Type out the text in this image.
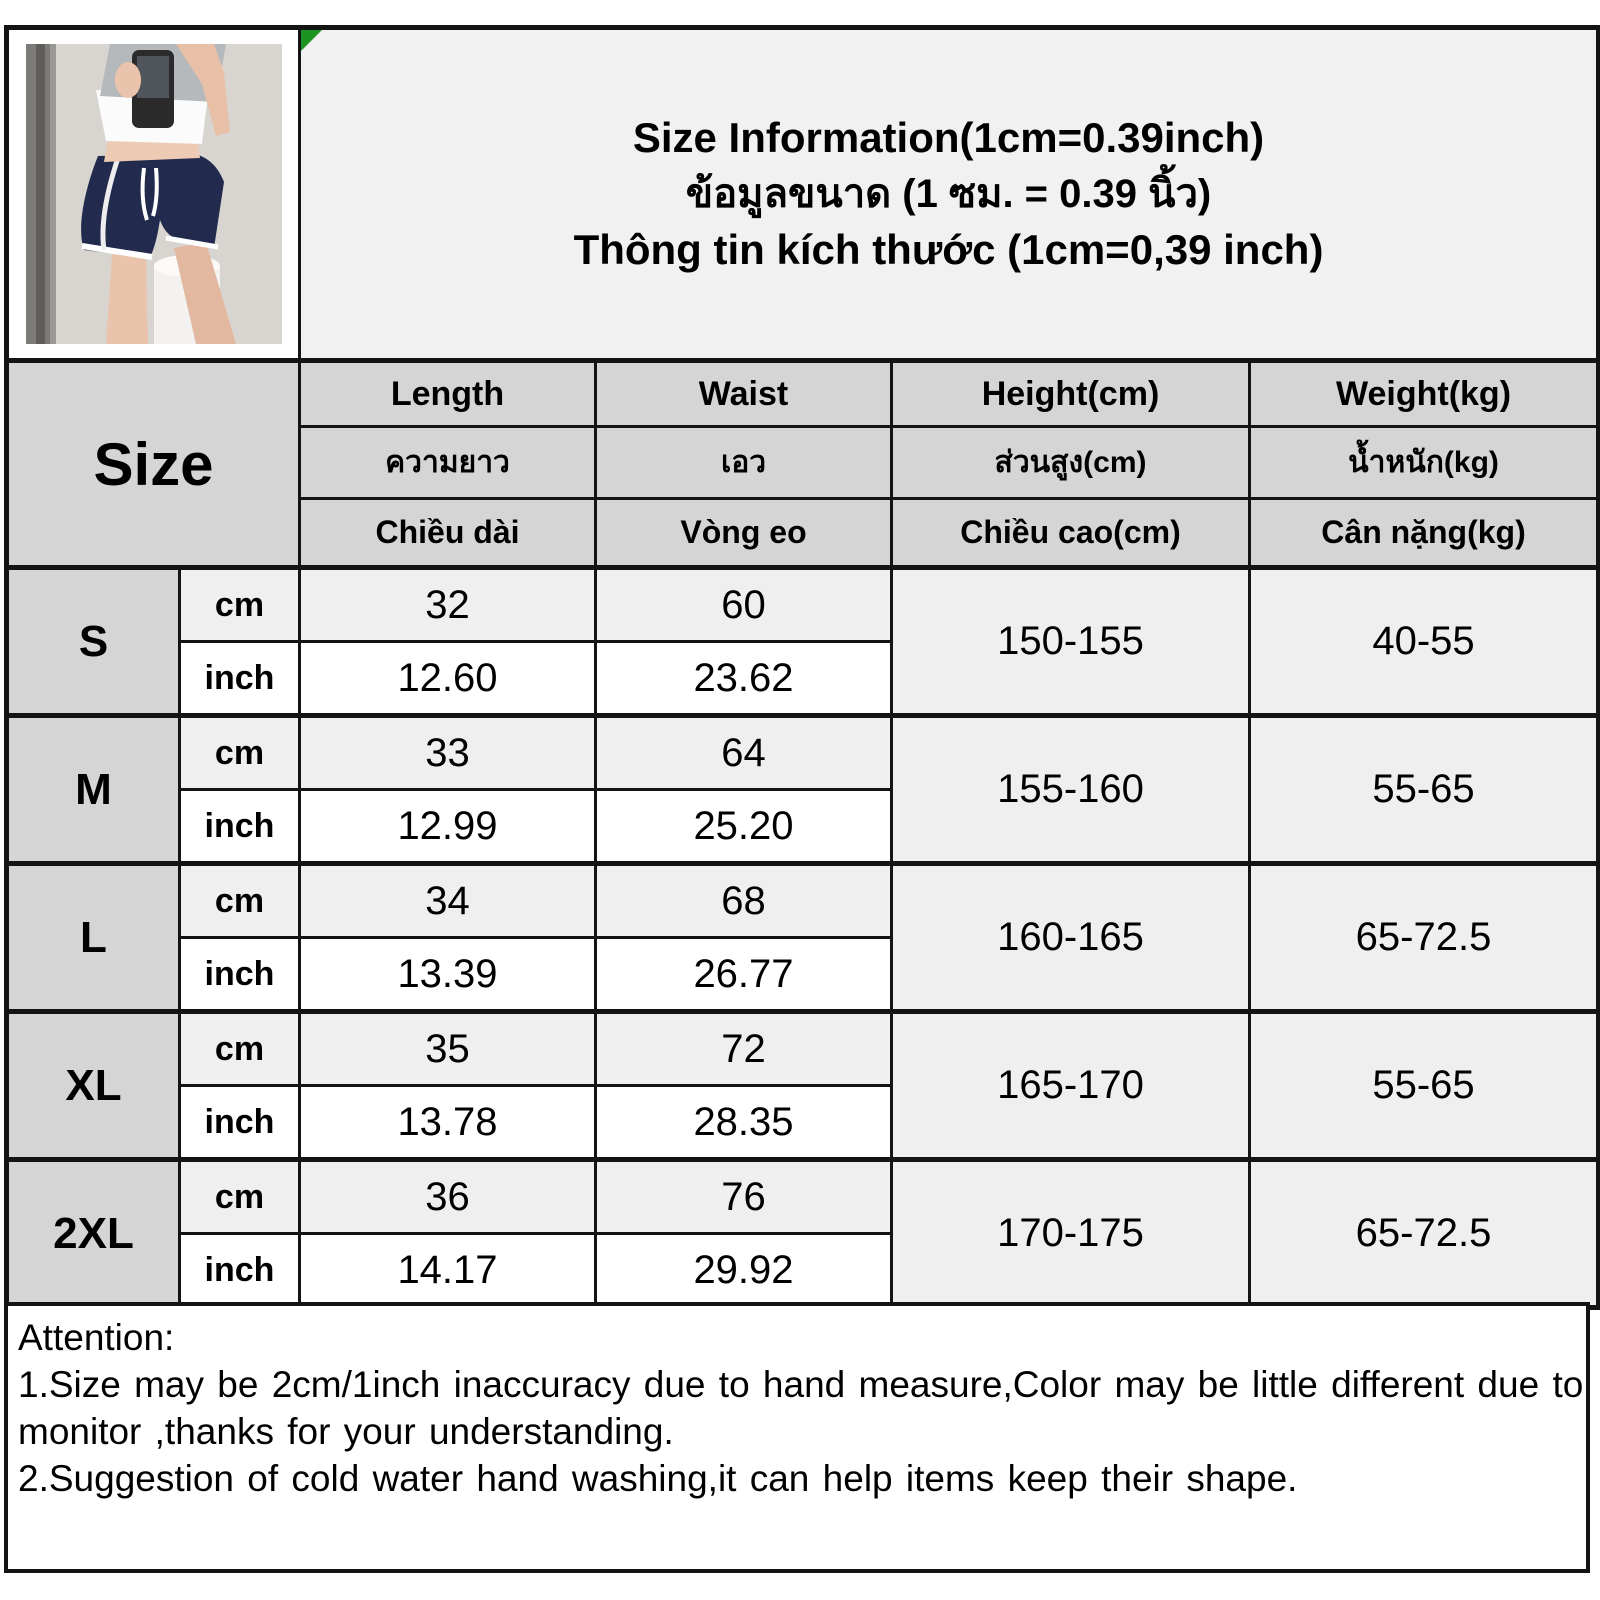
Size Information(1cm=0.39inch)
ข้อมูลขนาด (1 ซม. = 0.39 นิ้ว)
Thông tin kích thước (1cm=0,39 inch)			

Size		Length	Waist	Height(cm)	Weight(kg)
		ความยาว	เอว	ส่วนสูง(cm)	น้ำหนัก(kg)
		Chiều dài	Vòng eo	Chiều cao(cm)	Cân nặng(kg)
S	cm	32	60	150-155	40-55
	inch	12.60	23.62		
M	cm	33	64	155-160	55-65
	inch	12.99	25.20		
L	cm	34	68	160-165	65-72.5
	inch	13.39	26.77		
XL	cm	35	72	165-170	55-65
	inch	13.78	28.35		
2XL	cm	36	76	170-175	65-72.5
	inch	14.17	29.92		

Attention:

1.Size may be 2cm/1inch inaccuracy due to hand measure,Color may be little different due to monitor ,thanks for your understanding.

2.Suggestion of cold water hand washing,it can help items keep their shape.
